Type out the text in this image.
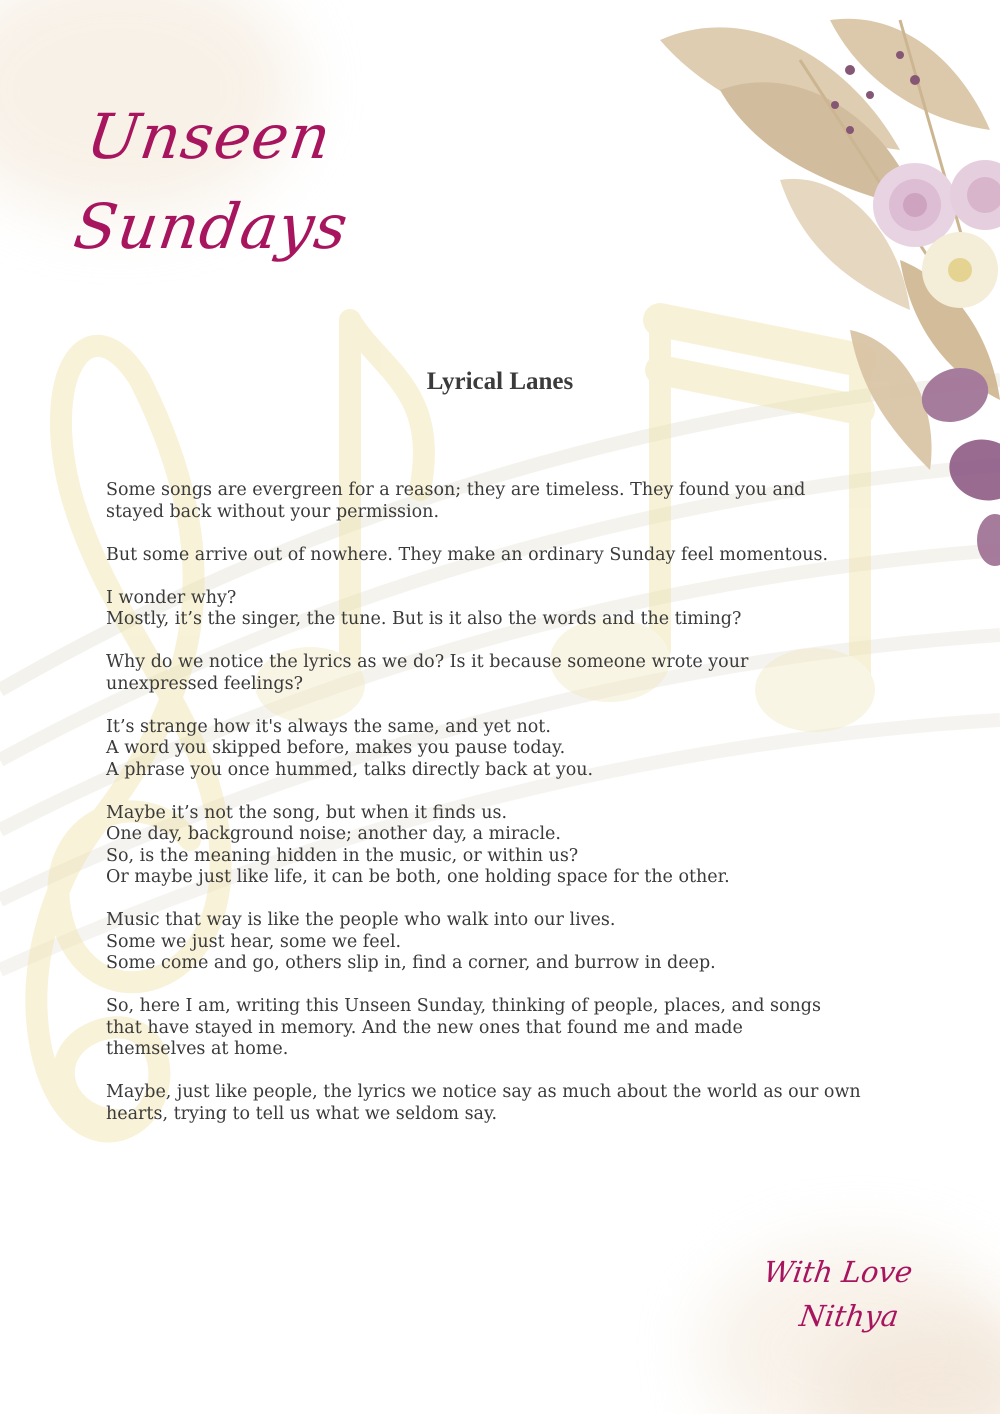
Unseen Sundays
Lyrical Lanes

Some songs are evergreen for a reason; they are timeless. They found you and
stayed back without your permission.

But some arrive out of nowhere. They make an ordinary Sunday feel momentous.

I wonder why?
Mostly, it’s the singer, the tune. But is it also the words and the timing?

Why do we notice the lyrics as we do? Is it because someone wrote your
unexpressed feelings?

It’s strange how it's always the same, and yet not.
A word you skipped before, makes you pause today.
A phrase you once hummed, talks directly back at you.

Maybe it’s not the song, but when it finds us.
One day, background noise; another day, a miracle.
So, is the meaning hidden in the music, or within us?
Or maybe just like life, it can be both, one holding space for the other.

Music that way is like the people who walk into our lives.
Some we just hear, some we feel.
Some come and go, others slip in, find a corner, and burrow in deep.

So, here I am, writing this Unseen Sunday, thinking of people, places, and songs
that have stayed in memory. And the new ones that found me and made
themselves at home.

Maybe, just like people, the lyrics we notice say as much about the world as our own
hearts, trying to tell us what we seldom say.

With Love
Nithya
